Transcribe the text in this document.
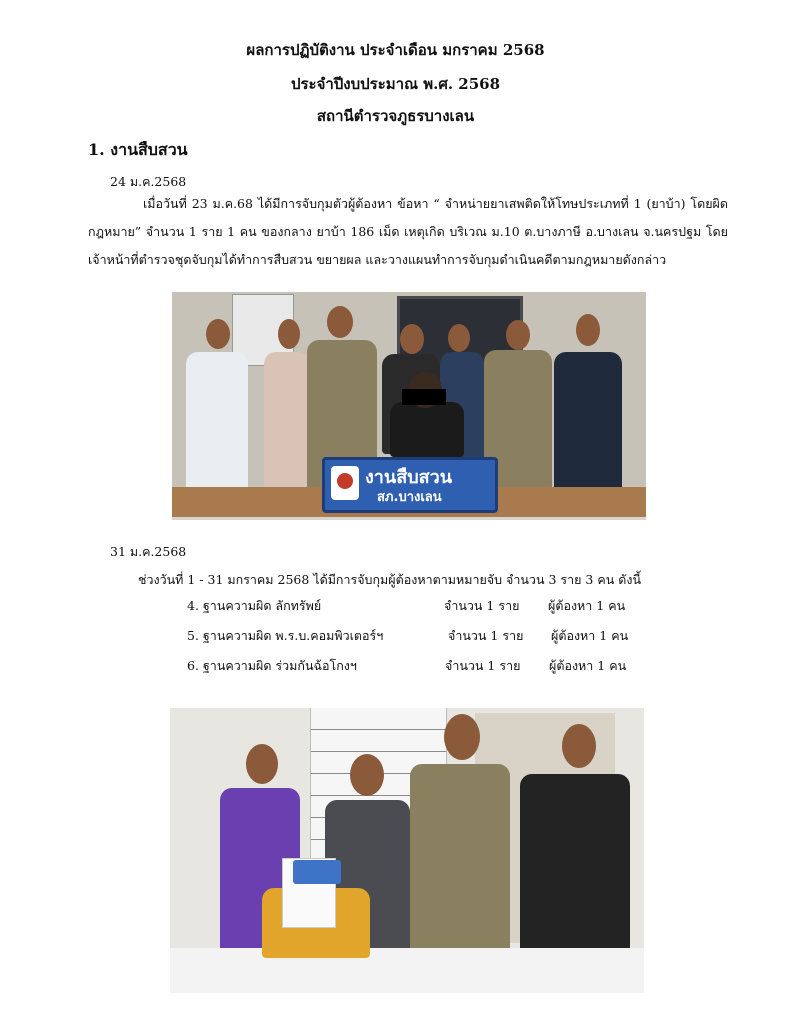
ผลการปฏิบัติงาน ประจำเดือน มกราคม 2568
ประจำปีงบประมาณ พ.ศ. 2568
สถานีตำรวจภูธรบางเลน
1. งานสืบสวน
24 ม.ค.2568
เมื่อวันที่ 23 ม.ค.68 ได้มีการจับกุมตัวผู้ต้องหา ข้อหา “ จำหน่ายยาเสพติดให้โทษประเภทที่ 1 (ยาบ้า) โดยผิดกฎหมาย” จำนวน 1 ราย 1 คน ของกลาง ยาบ้า 186 เม็ด เหตุเกิด บริเวณ ม.10 ต.บางภาษี อ.บางเลน จ.นครปฐม โดยเจ้าหน้าที่ตำรวจชุดจับกุมได้ทำการสืบสวน ขยายผล และวางแผนทำการจับกุมดำเนินคดีตามกฎหมายดังกล่าว
งานสืบสวน
สภ.บางเลน
31 ม.ค.2568
ช่วงวันที่ 1 - 31 มกราคม 2568 ได้มีการจับกุมผู้ต้องหาตามหมายจับ จำนวน 3 ราย 3 คน ดังนี้
4. ฐานความผิด ลักทรัพย์	จำนวน 1 ราย ผู้ต้องหา 1 คน
5. ฐานความผิด พ.ร.บ.คอมพิวเตอร์ฯ	จำนวน 1 ราย ผู้ต้องหา 1 คน
6. ฐานความผิด ร่วมกันฉ้อโกงฯ	จำนวน 1 ราย ผู้ต้องหา 1 คน
